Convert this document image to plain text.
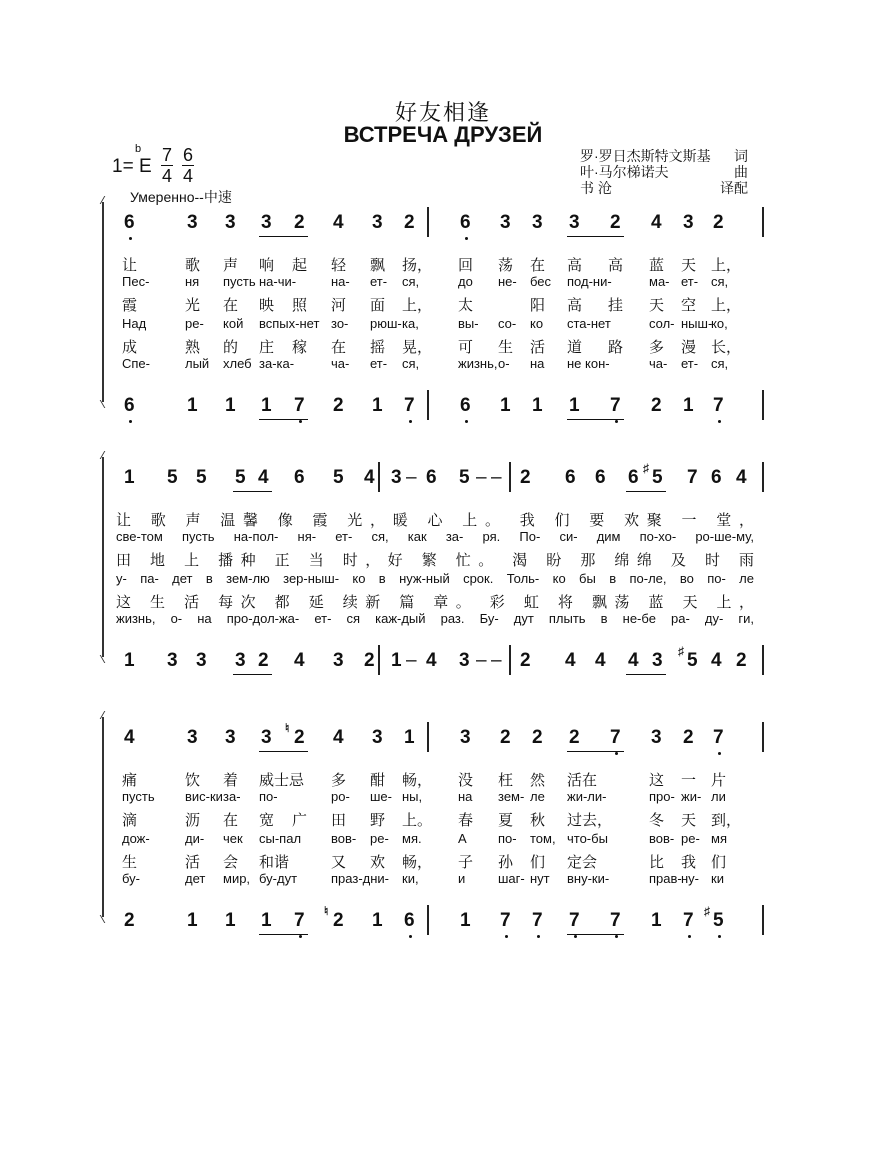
好友相逢
ВСТРЕЧА ДРУЗЕЙ
1= E
b 7
4
6
4
Умеренно--中速
罗·罗日杰斯特文斯基 词
叶·马尔梯诺夫	曲
书 沧	译配
6	3 3 3 2 4 3 2 6 3 3 3 2 4 3 2
6	1 1 1 7 2 1 7 6 1 1 1 7 2 1 7
让	歌 声 响 起 轻 飘 扬， 回 荡 在 高 高 蓝 天 上，
Пес-	ня пусть на-чи-	на- ет- ся,	до не- бес под-ни-	ма- ет- ся,
霞	光 在 映 照 河 面 上， 太	阳 高 挂 天 空 上，
Над	ре- кой вспых-нет зо- рюш- ка,	вы- со- ко ста-нет	сол- ныш-
ко,
成	熟 的 庄 稼 在 摇 晃， 可 生 活 道 路 多 漫 长，
Спе-	лый хлеб за-ка-	ча- ет- ся,	жизнь, о- на не кон-	ча- ет- ся,
1 5 5 5 4 6 5 4 3 – 6 5 – – 2 6 6 6 ♯ 5 7 6 4
1 3 3 3 2 4 3 2 1 – 4 3 – – 2 4 4 4 3 ♯ 5 4 2
让 歌 声 温馨 像 霞 光，暖 心 上。 我 们 要 欢聚 一 堂，
све-том пусть на-пол- ня- ет- ся, как за- ря. По- си- дим по-хо- ро-ше-му,
田 地 上 播种 正 当 时，好 繁 忙。 渴 盼 那 绵绵 及 时 雨
у- па- дет в зем-лю зер-ныш- ко в нуж-ный срок. Толь- ко бы в по-ле, во по- ле
这 生 活 每次 都 延 续新 篇 章。 彩 虹 将 飘荡 蓝 天 上，
жизнь, о- на про-дол-жа- ет- ся каж-дый раз. Бу- дут плыть в не-бе ра- ду- ги,
4	3 3 3 ♮ 2 4 3 1 3 2 2 2 7 3 2 7
2	1 1 1 7 ♮ 2 1 6 1 7 7 7 7 1 7 ♯ 5
痛	饮 着 威士忌 多 酣 畅， 没 枉 然 活在	这 一 片
пусть вис-ки за- по-	ро- ше- ны,	на зем- ле жи-ли-	про- жи- ли
滴	沥 在 宽 广 田 野 上。 春 夏 秋 过去， 冬 天 到，
дож-	ди- чек сы-пал вов- ре- мя.	А по- том, что-бы	вов- ре- мя
生	活 会 和谐	又 欢 畅， 子 孙 们 定会	比 我 们
бу-	дет мир, бу-дут	праз-дни- ки,	и	шаг- нут вну-ки-	прав- ну- ки
